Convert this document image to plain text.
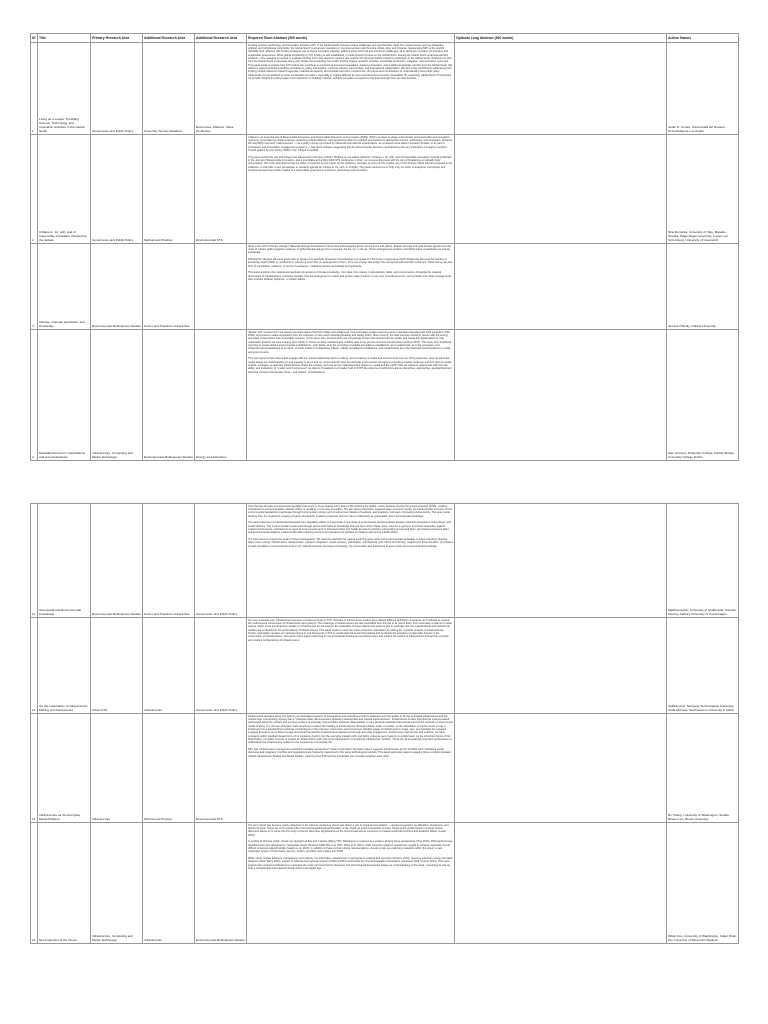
ID	Title	Primary Research Area	Additional Research Area	Additional Research Area	Required Short Abstract (300 words)	Optional Long Abstract (500 words)	Author Names
1	Living as a Leaper: Providing Science, Technology, and Innovation Activities in the Global South	Governance and Public Policy	University Society Relations	Economies, Markets, Value Production	Funding science, technology, and innovation activities (STI) in the Global South presents unique challenges and opportunities. Apart from typical issues such as budgetary, political, and institutional constraints, the Global South must answer questions in countries across Latin America, Africa, Asia, and Oceania, representing 84% of the world's habitable land. Effective STI funding strategies can enhance innovative capacity, address socio-technical and economic challenges, all of which are crucial for an inclusive and sustainable governance. While global scholarship on STI funding is well established, it predominantly focuses on the Global North, leaving the Global South underrepresented. However, more research is needed to evaluate funding STI in low-resource contexts and explore the structural barriers faced by institutions in the Global South. Research on and from the Global South is essential, along with studies demonstrating how public funding shapes research priorities, knowledge production, mitigation, and innovation outcomes. This panel seeks to explore how STI funding can contribute to overcoming structural inequalities, fostering innovation, and enabling knowledge transfer from the Global South. We welcome papers examining funding mechanisms, policy frameworks, university-industry partnerships, and international collaboration. We also invite contributions addressing how funding models influence research agendas, institutional capacity, and societal outcomes. Furthermore, the panel aims contributions to understanding how public policy frameworks can be adapted to foster sustainable innovation, especially in regions affected by socio-technical and economic inequalities. By examining Global South STI priorities, we provide insights for policymakers and institutions on building inclusive, resilient innovation ecosystems that draw strength from an ideal benefits.		Julián D. Cortés, Universidad del Rosario - Universidad de Los Andes
2	Critique in, for, with, and of responsible innovation: Reopening the debate	Governance and Public Policy	Method and Practice	Environmental STS	Critique is an essential part of Responsible Innovation and Responsible Research and Innovation (R(R)I). R(R)I promises to shape a democratic technoscientific and innovation regime by reconsidering critical analyses, protecting critical reflection, and questioning taken-for-granted assumptions in democratic science, technology, and innovation. However, the way R(R)I has been 'mainstreamed' — as a policy concept promoted by influential international organizations, as a research area within innovation studies, or as part of companies' and universities' engagement programs — has led to critiques suggesting that its critical impulse has been neutralized by the very institutions it sought to confront. Turned against its own history, R(R)I's own critique is needed.

This panel revisits the role that critique has played and could play in R(R)I. Building on our edited collection 'Critique in, for, with, and of responsible innovation' recently published in the Journal of Responsible Innovation, and a roundtable at the May 2023 STS conference in Graz, we convene this panel with the aim of broadening an already lively conversation. We invite submissions that are either a response to (any paper of) the collection, that take up and put into practice any of the diverse critical stances proposed in the collection, or that offer a new perspective or research agenda for critique in, for, with, or of R(R)I. The panel requires low or high entry (or both) to analytical, conceptual, and empirical perspectives and/or stages of a responsible governance of science, technology and innovation.		Sina Dominka, University of Vigo, Mareike Smolka, Wageningen University, Lucien von Schomberg, University of Greenwich
3	Climate, material, aesthetics, and knowledge	Environmental Multispecies Studies	Forms and Practices of Expertise		What is the stuff of climate change? Materials arrange themselves to show how anthropogenic action across times and places. Experts arrange and read climate signals from the noise of culture, pulling together evidence of global climate change from a species, the ice, ice, in the air. These arrangements produce and follow logics of aesthetics as well as knowledge.

Philosopher Jacques Rancière posits that 'to speak of an aesthetic dimension of knowledge is to speak of a dimension of ignorance which divides the idea and the practice of knowledge itself' (2009: 1). Aesthetics in science is more than an arrangement of form, but a set of ways that assign the conceptual with scientific outcomes. These forms can also form of constitution, evidence, or forms of resistance, mediating between knowledge and ignorance.

This panel explores the material and aesthetic dimensions of climate knowledge, from data, from nature, in laboratories, fields, and environments. Alongside the material dimensions of infrastructures, practices consider how the arrangement to select and people make produce or rely upon considered a form, and consider how these arrangements then produce political, epistemic, or artistic effects.		Jessica O'Reilly, Indiana University
4	Media/Environment: interrelations and reconsiderations	Infrastructure, Computing and Media Technology	Environmental Multispecies Studies	Energy and Extraction	"Media" and "environment" are closely bounded objects that both collide and collaborate. Communication studies have long been materially entangled with local ecologies (Tully 2009), and science media composition from the extraction of rare earth minerals (Reading and Notley 2015). More recently, the field has been forced to reckon with the energy and water consumption that computation requires. At the same time, environments are increasingly known and experienced via media, and media and digital efforts to map underwater frontiers via cave imaging (Kerr 2022) or 'citizen sensing' initiatives that mobilize data in the pursuit of environmental justice (Gabrys 2016). The news, from traditional reporting to social media's environmental mobilizations - both literal, as in the re-tooling of satellite surveillance installations, and metaphorical, as in the ecosystem and infrastructural constellations of an earth, of entire bodies of a ubiquitous military, military surveillance installations, and metaphorical, as in the informational ecosystems of media and environments.

This open panel invites papers that engage with the mutual relationship (and re-making, and unmaking) of media and environments from an STS perspective. How do particular media shape our understanding of, and capacity to act in and on, environments? How do particular environments demand a re-thinking of what media are and do? How do media studies, ecologies, or alternate infrastructures shape the ecology, and how do we understand their relation to media and the earth? Also we welcome papers that shift from the ability, and limitations, of "media" and "environment" as objects of analysis in a broader field of STS? We welcome contributions across disciplines, approaches, geographical and historical contexts that develop these - and related - considerations.		Max Johnson, Pinkerton College; Patrick Brodie, University College Dublin
11	Greenpeak and Environmental Knowledge	Environmental Multispecies Studies	Forms and Practices of Expertise	Governance and Public Policy	Over the last 30 years environmental regulation has come to focus heavily every facet of the world by the 2020s, mostly because diverse firms have acquired (2015), could be considered an environmentalist, whether willing or unwilling, in one way or another. The last spring proposition suggests large economic trends, yet intuitively little is known of how environmental regulations reverberate through contemporary society and construct new classes of teachers, and practices, and ways of knowing environments. This open panel, drawing from the organizers' ongoing program of research, explores processes that set refer to collectively as 'greenwash' and environmental knowledge'.

The panel observes (1) intellectual framework from regulating efforts to incorporate a new class of environments and boundaries between physical ecosystems, living things, and social relations. The environmental is examined through actors and bodies of knowledge that use them and in these ways: used as a synonym for human interaction against impact environments, mechanisms as types of environments and on structural safety and health as sets of practices surrounding and around them, and citations between labor and environmental relations, explored with wide-reaching environment relevance for debates on hedging and mining (Hardin 2022).

Our panel aims to expand the scale of these investigations. We welcome abstracts for papers exploring green work and environmental knowledge in areas including industrial labor union, energy, infrastructure, transportation, systems integrators, waste recovery, valorization, and disposal, and culture and therapy, organized in three domains: (1) theories of work and labor in environmental context; (2) material practices and ways of knowing; (3) communities and institutions of green work and environmental knowledge.		Matthew Enkin, University of Strathclyde; Hannah Kauzny, Aalborg University of Copenhagen
12	On the materialism of infrastructure: Making of Infrastructures	Urban STS	Infrastructure	Governance and Public Policy	For over a decade now, infrastructure has been a subject of study in STS. Scholars of infrastructure studies have offered different definitions of analysis and methods to unpack the multi-layered construction of infrastructure and systems. The meanings of infrastructures are also diversified from the site to its macro level, from information systems to urban spaces. Much of the contemporary studies on infrastructure are focused on the materiality of these objects and systems and in particular how the organizational and institutional realities are embedded in the performativity of infrastructures. This panel seeks to move the notion of techno-materialism by adding the symbolic analysis of infrastructures. Techno-nationalism remains an important theme in and framework in STS to rearticulate the social and political and to identify the operation of nationalist rhetoric in the construction of infrastructures. The panel invites papers that bring in new conceptual thinking and empirical cases that explore the politics of infrastructure through the symbolic and creative configurations of infrastructures.		Sulfikar Amir, Nanyang Technological University, Soda McIssas, Northwestern University in Qatar
13	Infrastructure as the Everyday Media Platform	Infrastructure	Method and Practice	Environmental STS	Infrastructure operates along two distinct yet interrelated registers of transactions and embodiment that its existence over the quality to be the embodied infrastructure and the cultural sign, a technology system that is "indicates wider disconnections between material base and cultural superstructure". Infrastructure is often theorized as systems-based, submerged below the surface and exerting systems of everyday commonplace business (Starosielski), or as a physical substrate that extends beyond the confines of 'screens and media' (Parks). Yet, the use of human-made structures to assert the building of infrastructures (through politics, scale, or power), so the articulation of environments is only a limited and not a standardized exchange of techniques in the end-user, consumers, and consumers. Media's usage of infrastructure's image, sign, and standard are required, engaged through a set of distinct image and visual frameworks produced and experienced through everyday engagement. Furthermore, both human and machine, we have constantly within standard-based forms of its existence (Larkin), but the everyday interacts with and within a diverse set of agents on a daily basis. As the prominent figure of this field (Parks), a broader concept of 'people as infrastructure' and more recent discussions of 'emotional infrastructure' (Larkin). These are all increasingly important perspectives to understand how infrastructure matters to the experiences of everyday life.

Why has 'infrastructure' emerged as a powerful mediation perspective? Susan Leigh Star's 'boundary object' suggests infrastructure as the 'invisible work' facilitating social discourse and imaginary. Conflicts and negotiations are frequently intertwined in the same technological network. This panel welcomes papers engaging these concepts between Critical Infrastructure Studies and Media Studies, exploring how STS and the humanities can mutually enlighten each other.		Bo Huang, University of Washington, Seattle, Bowen Lan, Brown University
14	Net Inspection of the Cloud	Infrastructure, Computing and Media Technology	Infrastructure	Environmental Multispecies Studies	The term 'cloud' has become nearly ubiquitous in the Internet. Designing 'cloud' was driven a mix of visual-format artifacts — visual iconography, mystification, cloudyness, and figment of tools. These are (it it) results reflect the technological layered boundary of the 'cloud' as a technoscientific concept. Studying the public function of 'cloud' across discourse allows us to parse the this verity of cloud's discourse significations as the cloud infrastructure continues to produce technical functions and aesthetic effects (Larkin 2013).

In studies of Chinese public, clouds are depicted as fine and massive (Wang 750). Resistance to systems as a subject, defying these perspectives (Ting 2016). Philosophers have classified and more attempted to manipulate clouds (Pearson 1983; Bis et al. 2017; Brice et al. 2021), while computer graphics researchers sought to enhance automatic clouds difficult to express algorithmically (Gaskin et al. 2023). In addition to these central cultural representations, clouds remain as underlying metaphor within 'the cloud,' a vast networked system of hard drives, servers, routers, and fiber-optic cables (Hu 2015).

While 'cloud' implies lightness, transparency and ubiquity, the information infrastructure it represents is material and concrete (Johnson 2019), requiring extensive energy and labor (Pearson 2022; Wang 2023), subject to national and regional controls (Chiktoza 2021) and funded by of technocapitalist corporations (Gasticeal 2018; Kramer 2023). This open panel invites original contributions to reinterpret the notion and technical or historical, and technological frameworks shape our understanding of 'the cloud', examining its role as both a metaphorical and material infrastructure in the digital age.		Milton Fan, University of Washington, Adam Osler, Pre University of Wisconsin Madison
